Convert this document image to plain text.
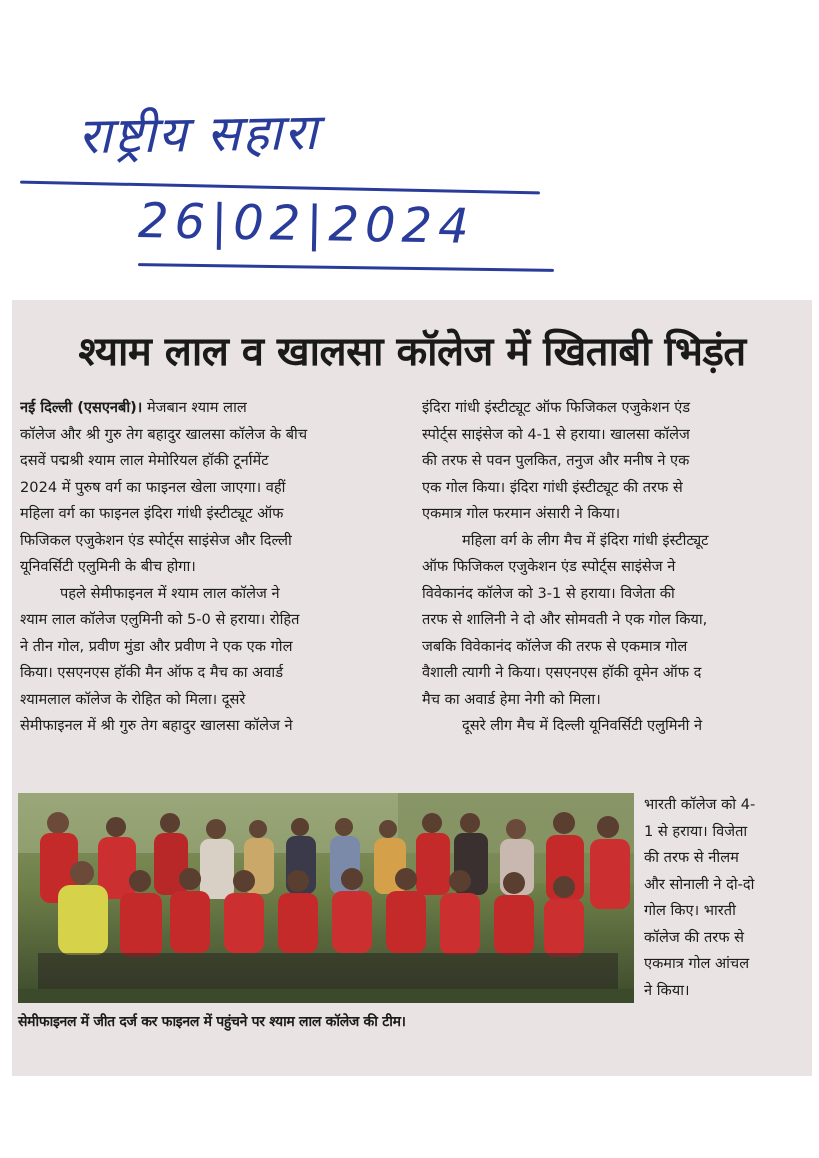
राष्ट्रीय सहारा
26|02|2024
श्याम लाल व खालसा कॉलेज में खिताबी भिड़ंत
नई दिल्ली (एसएनबी)। मेजबान श्याम लाल
कॉलेज और श्री गुरु तेग बहादुर खालसा कॉलेज के बीच
दसवें पद्मश्री श्याम लाल मेमोरियल हॉकी टूर्नामेंट
2024 में पुरुष वर्ग का फाइनल खेला जाएगा। वहीं
महिला वर्ग का फाइनल इंदिरा गांधी इंस्टीट्यूट ऑफ
फिजिकल एजुकेशन एंड स्पोर्ट्स साइंसेज और दिल्ली
यूनिवर्सिटी एलुमिनी के बीच होगा।
पहले सेमीफाइनल में श्याम लाल कॉलेज ने
श्याम लाल कॉलेज एलुमिनी को 5-0 से हराया। रोहित
ने तीन गोल, प्रवीण मुंडा और प्रवीण ने एक एक गोल
किया। एसएनएस हॉकी मैन ऑफ द मैच का अवार्ड
श्यामलाल कॉलेज के रोहित को मिला। दूसरे
सेमीफाइनल में श्री गुरु तेग बहादुर खालसा कॉलेज ने
इंदिरा गांधी इंस्टीट्यूट ऑफ फिजिकल एजुकेशन एंड
स्पोर्ट्स साइंसेज को 4-1 से हराया। खालसा कॉलेज
की तरफ से पवन पुलकित, तनुज और मनीष ने एक
एक गोल किया। इंदिरा गांधी इंस्टीट्यूट की तरफ से
एकमात्र गोल फरमान अंसारी ने किया।
महिला वर्ग के लीग मैच में इंदिरा गांधी इंस्टीट्यूट
ऑफ फिजिकल एजुकेशन एंड स्पोर्ट्स साइंसेज ने
विवेकानंद कॉलेज को 3-1 से हराया। विजेता की
तरफ से शालिनी ने दो और सोमवती ने एक गोल किया,
जबकि विवेकानंद कॉलेज की तरफ से एकमात्र गोल
वैशाली त्यागी ने किया। एसएनएस हॉकी वूमेन ऑफ द
मैच का अवार्ड हेमा नेगी को मिला।
दूसरे लीग मैच में दिल्ली यूनिवर्सिटी एलुमिनी ने
भारती कॉलेज को 4-
1 से हराया। विजेता
की तरफ से नीलम
और सोनाली ने दो-दो
गोल किए। भारती
कॉलेज की तरफ से
एकमात्र गोल आंचल
ने किया।
सेमीफाइनल में जीत दर्ज कर फाइनल में पहुंचने पर श्याम लाल कॉलेज की टीम।
